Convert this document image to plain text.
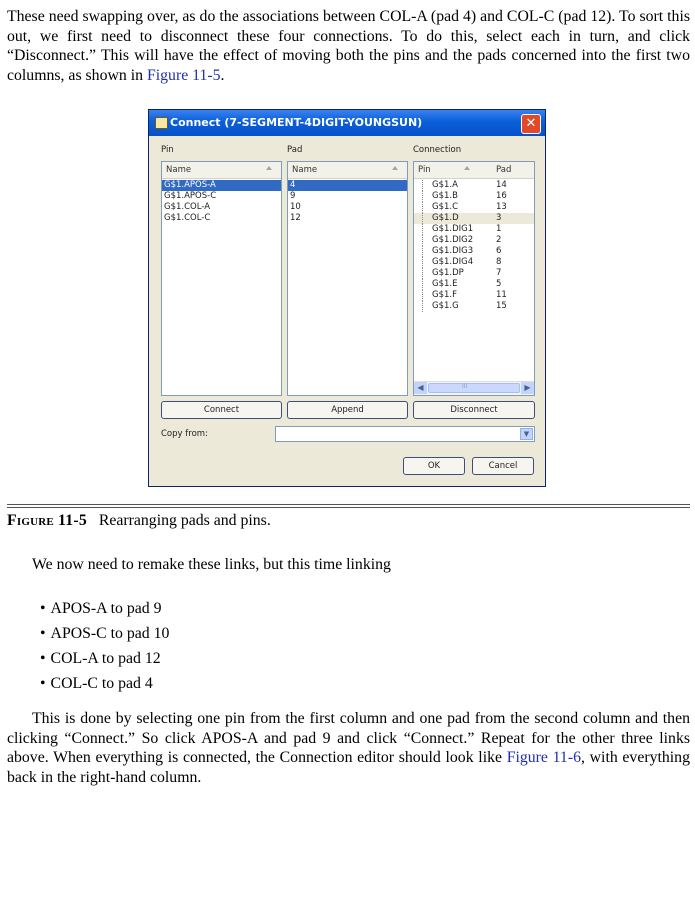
These need swapping over, as do the associations between COL-A (pad 4) and COL-C (pad 12). To sort this out, we first need to disconnect these four connections. To do this, select each in turn, and click “Disconnect.” This will have the effect of moving both the pins and the pads concerned into the first two columns, as shown in Figure 11-5.

Connect (7-SEGMENT-4DIGIT-YOUNGSUN)	✕
Pin	Pad	Connection
Name
G$1.APOS-A
G$1.APOS-C
G$1.COL-A
G$1.COL-C
Name
4
9
10
12
Pin	Pad
G$1.A	14
G$1.B	16
G$1.C	13
G$1.D	3
G$1.DIG1	1
G$1.DIG2	2
G$1.DIG3	6
G$1.DIG4	8
G$1.DP	7
G$1.E	5
G$1.F	11
G$1.G	15
◀	III	▶
Connect	Append	Disconnect
Copy from:	▼
OK	Cancel
Figure 11-5 Rearranging pads and pins.

We now need to remake these links, but this time linking

• APOS-A to pad 9
• APOS-C to pad 10
• COL-A to pad 12
• COL-C to pad 4

This is done by selecting one pin from the first column and one pad from the second column and then clicking “Connect.” So click APOS-A and pad 9 and click “Connect.” Repeat for the other three links above. When everything is connected, the Connection editor should look like Figure 11-6, with everything back in the right-hand column.
